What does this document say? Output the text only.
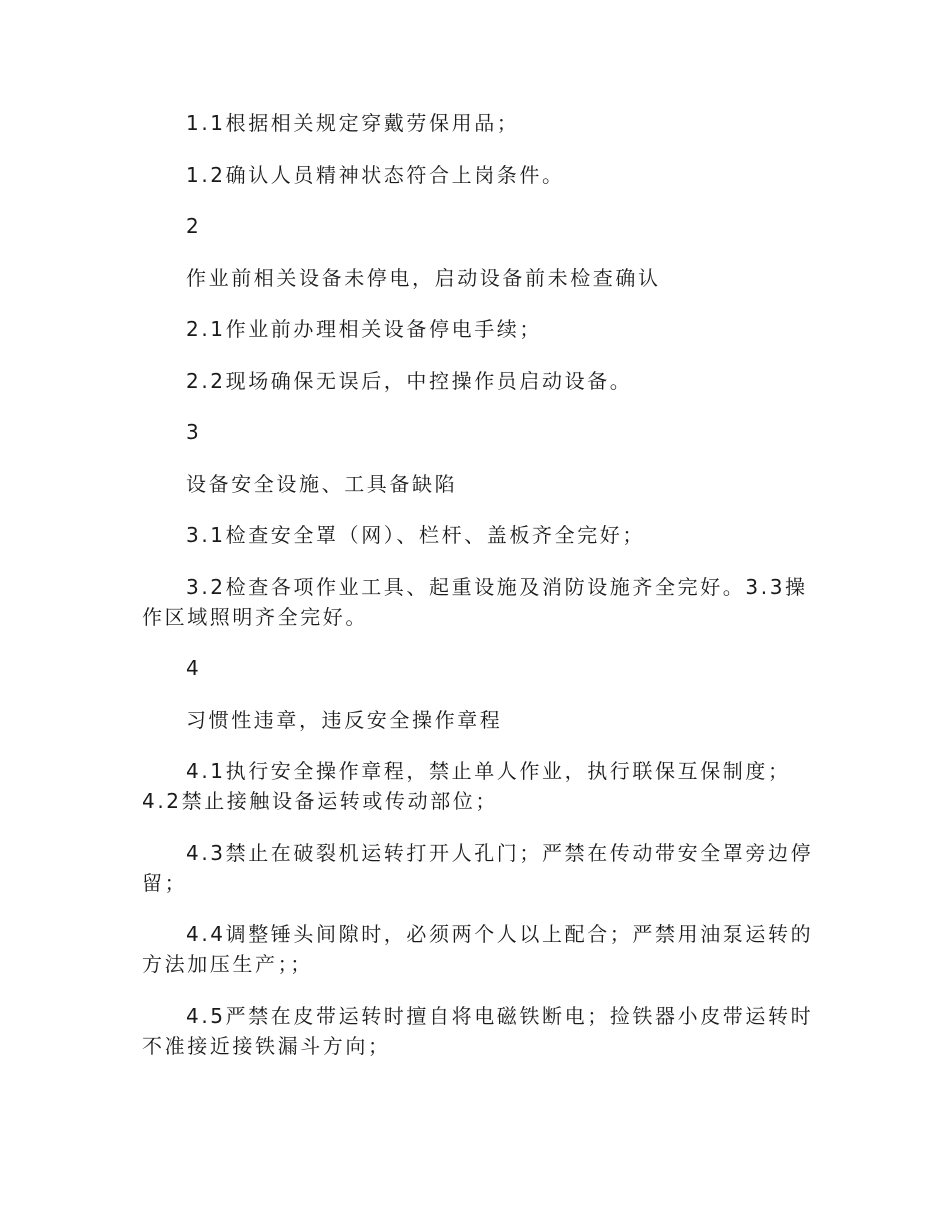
1.1根据相关规定穿戴劳保用品；

1.2确认人员精神状态符合上岗条件。

2

作业前相关设备未停电，启动设备前未检查确认

2.1作业前办理相关设备停电手续；

2.2现场确保无误后，中控操作员启动设备。

3

设备安全设施、工具备缺陷

3.1检查安全罩（网）、栏杆、盖板齐全完好；

3.2检查各项作业工具、起重设施及消防设施齐全完好。3.3操作区域照明齐全完好。

4

习惯性违章，违反安全操作章程

4.1执行安全操作章程，禁止单人作业，执行联保互保制度；4.2禁止接触设备运转或传动部位；

4.3禁止在破裂机运转打开人孔门；严禁在传动带安全罩旁边停留；

4.4调整锤头间隙时，必须两个人以上配合；严禁用油泵运转的方法加压生产；；

4.5严禁在皮带运转时擅自将电磁铁断电；捡铁器小皮带运转时不准接近接铁漏斗方向；
